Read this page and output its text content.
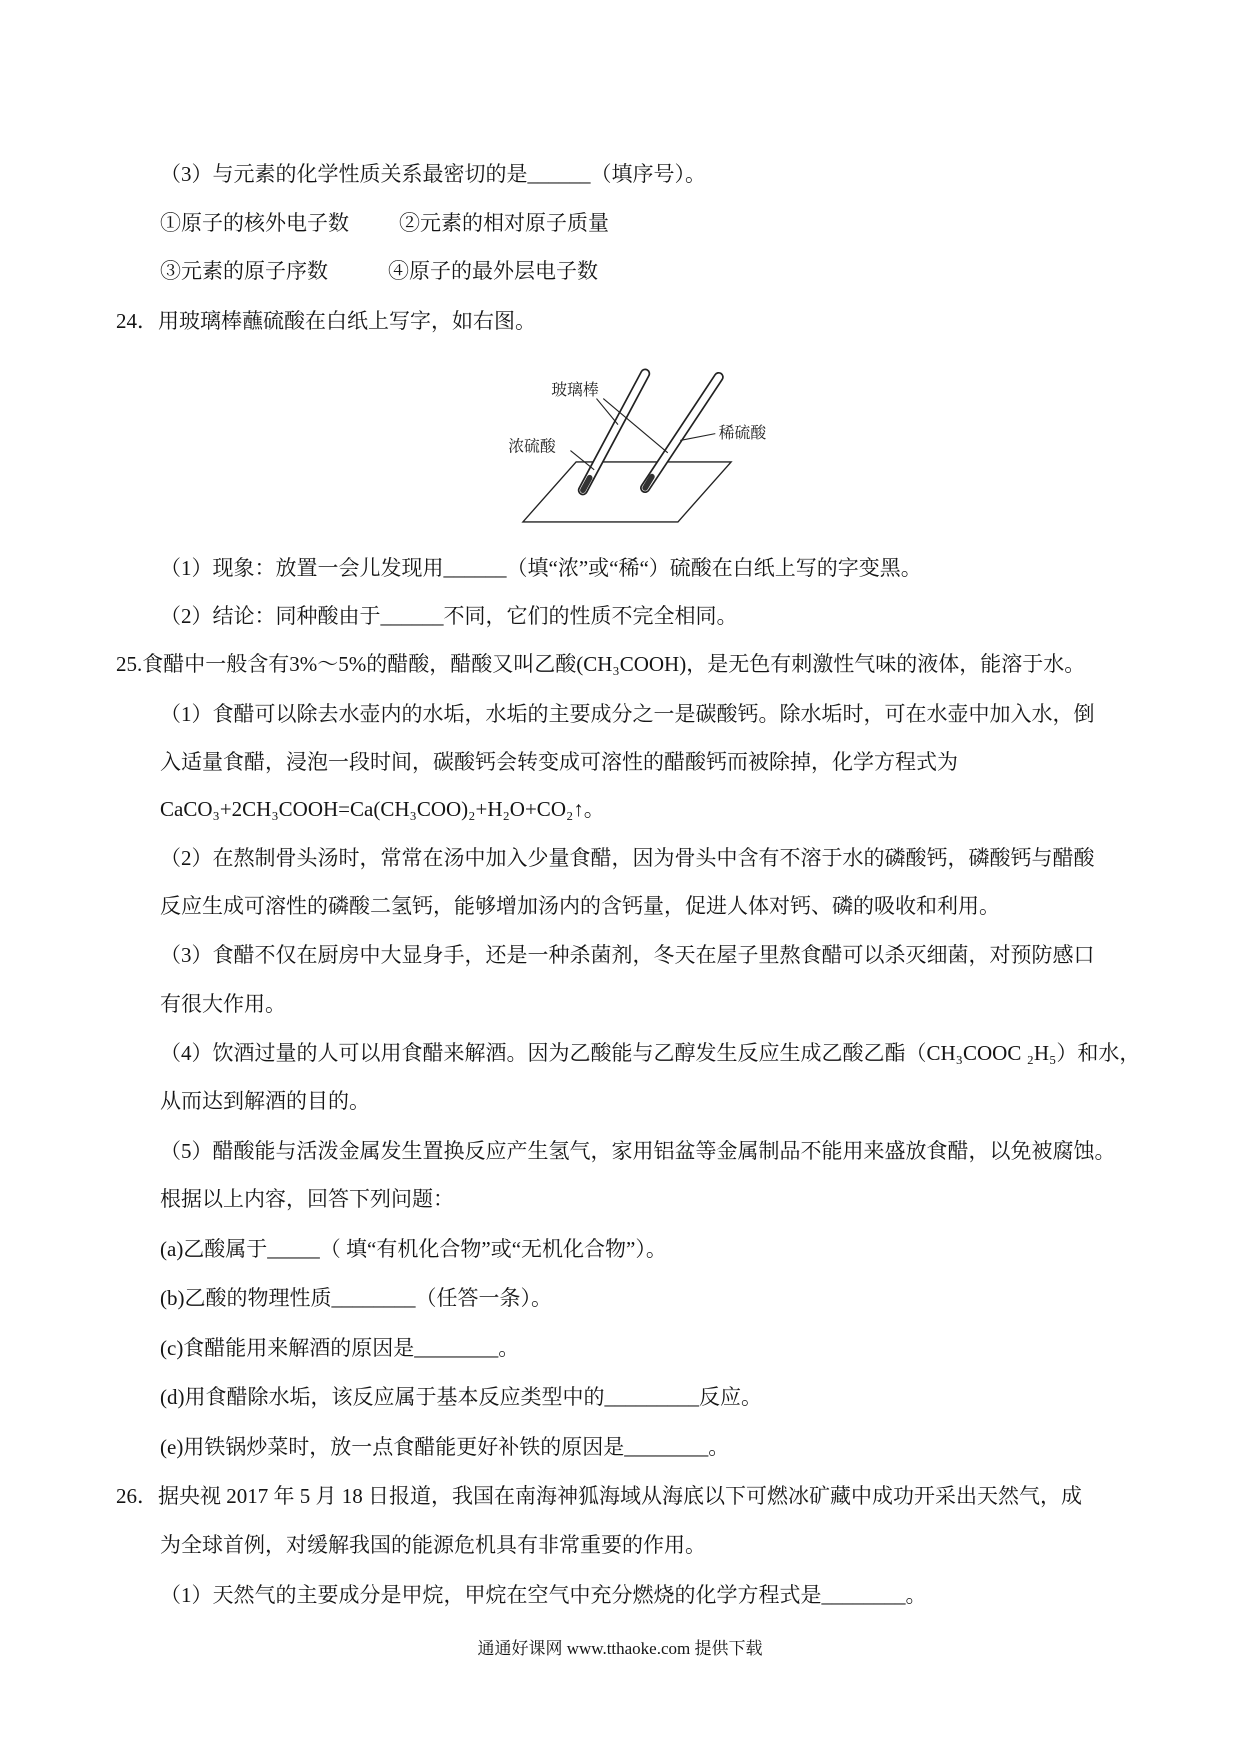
（3）与元素的化学性质关系最密切的是______（填序号）。
①原子的核外电子数 ②元素的相对原子质量
③元素的原子序数	④原子的最外层电子数
24．用玻璃棒蘸硫酸在白纸上写字，如右图。
玻璃棒
稀硫酸
浓硫酸
（1）现象：放置一会儿发现用______（填“浓”或“稀“）硫酸在白纸上写的字变黑。
（2）结论：同种酸由于______不同，它们的性质不完全相同。
25.食醋中一般含有3%～5%的醋酸，醋酸又叫乙酸(CH₃COOH)，是无色有刺激性气味的液体，能溶于水。
（1）食醋可以除去水壶内的水垢，水垢的主要成分之一是碳酸钙。除水垢时，可在水壶中加入水，倒
入适量食醋，浸泡一段时间，碳酸钙会转变成可溶性的醋酸钙而被除掉，化学方程式为
CaCO₃+2CH₃COOH=Ca(CH₃COO)₂+H₂O+CO₂↑。
（2）在熬制骨头汤时，常常在汤中加入少量食醋，因为骨头中含有不溶于水的磷酸钙，磷酸钙与醋酸
反应生成可溶性的磷酸二氢钙，能够增加汤内的含钙量，促进人体对钙、磷的吸收和利用。
（3）食醋不仅在厨房中大显身手，还是一种杀菌剂，冬天在屋子里熬食醋可以杀灭细菌，对预防感口
有很大作用。
（4）饮酒过量的人可以用食醋来解酒。因为乙酸能与乙醇发生反应生成乙酸乙酯（CH₃COOC ₂H₅）和水，
从而达到解酒的目的。
（5）醋酸能与活泼金属发生置换反应产生氢气，家用铝盆等金属制品不能用来盛放食醋，以免被腐蚀。
根据以上内容，回答下列问题：
(a)乙酸属于_____（ 填“有机化合物”或“无机化合物”）。
(b)乙酸的物理性质________（任答一条）。
(c)食醋能用来解酒的原因是________。
(d)用食醋除水垢，该反应属于基本反应类型中的_________反应。
(e)用铁锅炒菜时，放一点食醋能更好补铁的原因是________。
26．据央视 2017 年 5 月 18 日报道，我国在南海神狐海域从海底以下可燃冰矿藏中成功开采出天然气，成
为全球首例，对缓解我国的能源危机具有非常重要的作用。
（1）天然气的主要成分是甲烷，甲烷在空气中充分燃烧的化学方程式是________。
通通好课网 www.tthaoke.com 提供下载
